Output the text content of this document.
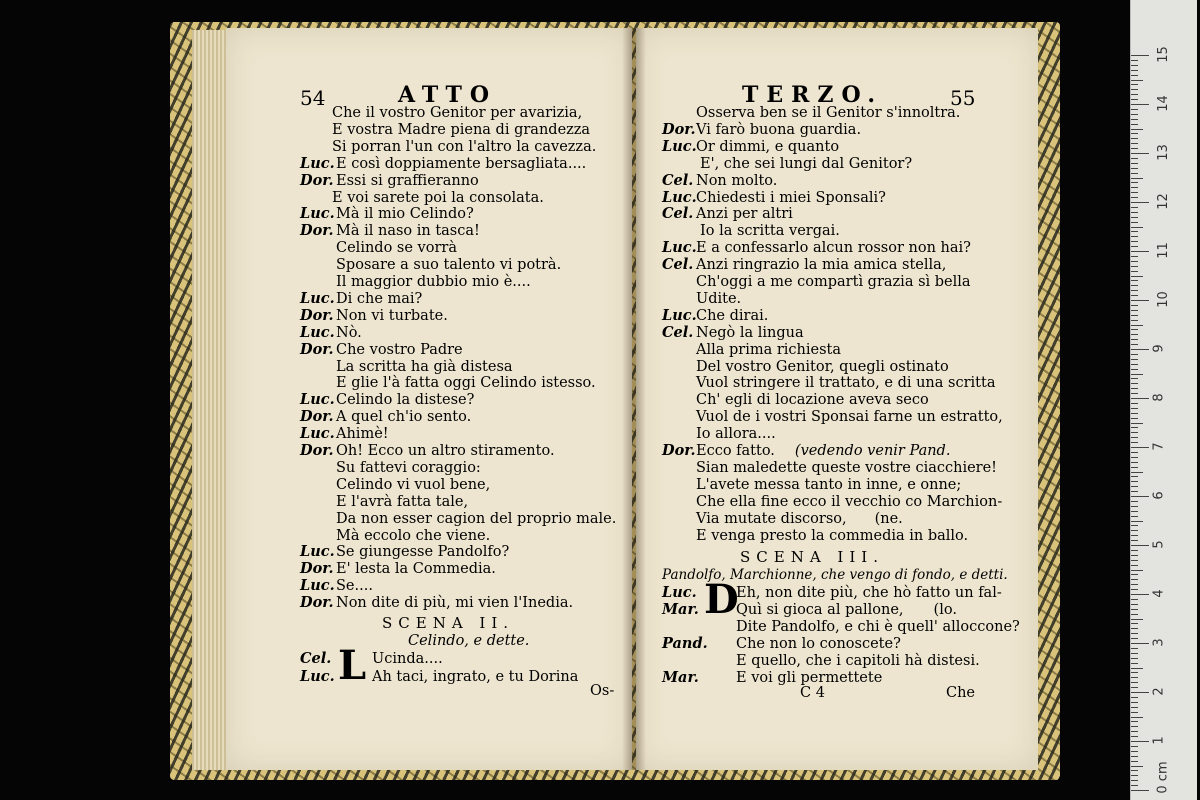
54	ATTO
Che il vostro Genitor per avarizia,
E vostra Madre piena di grandezza
Si porran l'un con l'altro la cavezza.
Luc.E così doppiamente bersagliata....
Dor. Essi si graffieranno
E voi sarete poi la consolata.
Luc.Mà il mio Celindo?
Dor. Mà il naso in tasca!
Celindo se vorrà
Sposare a suo talento vi potrà.
Il maggior dubbio mio è....
Luc.Di che mai?
Dor. Non vi turbate.
Luc.Nò.
Dor. Che vostro Padre
La scritta ha già distesa
E glie l'à fatta oggi Celindo istesso.
Luc.Celindo la distese?
Dor. A quel ch'io sento.
Luc.Ahimè!
Dor. Oh! Ecco un altro stiramento.
Su fattevi coraggio:
Celindo vi vuol bene,
E l'avrà fatta tale,
Da non esser cagion del proprio male.
Mà eccolo che viene.
Luc.Se giungesse Pandolfo?
Dor. E' lesta la Commedia.
Luc.Se....
Dor. Non dite di più, mi vien l'Inedia.
SCENA II.
Celindo, e dette.
Cel.	Ucinda....
Luc.	Ah taci, ingrato, e tu Dorina
Os-
TERZO.	55
Osserva ben se il Genitor s'innoltra.
Dor.Vi farò buona guardia.
Luc.Or dimmi, e quanto
E', che sei lungi dal Genitor?
Cel. Non molto.
Luc.Chiedesti i miei Sponsali?
Cel. Anzi per altri
Io la scritta vergai.
Luc.E a confessarlo alcun rossor non hai?
Cel. Anzi ringrazio la mia amica stella,
Ch'oggi a me compartì grazia sì bella
Udite.
Luc.Che dirai.
Cel. Negò la lingua
Alla prima richiesta
Del vostro Genitor, quegli ostinato
Vuol stringere il trattato, e di una scritta
Ch' egli di locazione aveva seco
Vuol de i vostri Sponsai farne un estratto,
Io allora....
Dor.Ecco fatto. (vedendo venir Pand.
Sian maledette queste vostre ciacchiere!
L'avete messa tanto in inne, e onne;
Che ella fine ecco il vecchio co Marchion-
Via mutate discorso, (ne.
E venga presto la commedia in ballo.
SCENA III.
Pandolfo, Marchionne, che vengo di fondo, e detti.
Luc.	Eh, non dite più, che hò fatto un fal-
Mar.	Quì si gioca al pallone, (lo.
Dite Pandolfo, e chi è quell' alloccone?
Pand. Che non lo conoscete?
E quello, che i capitoli hà distesi.
Mar.	E voi gli permettete
C 4	Che
1
2
3
4
5
6
7
8
9
10
11
12
13
14
15
0 cm
L
D
